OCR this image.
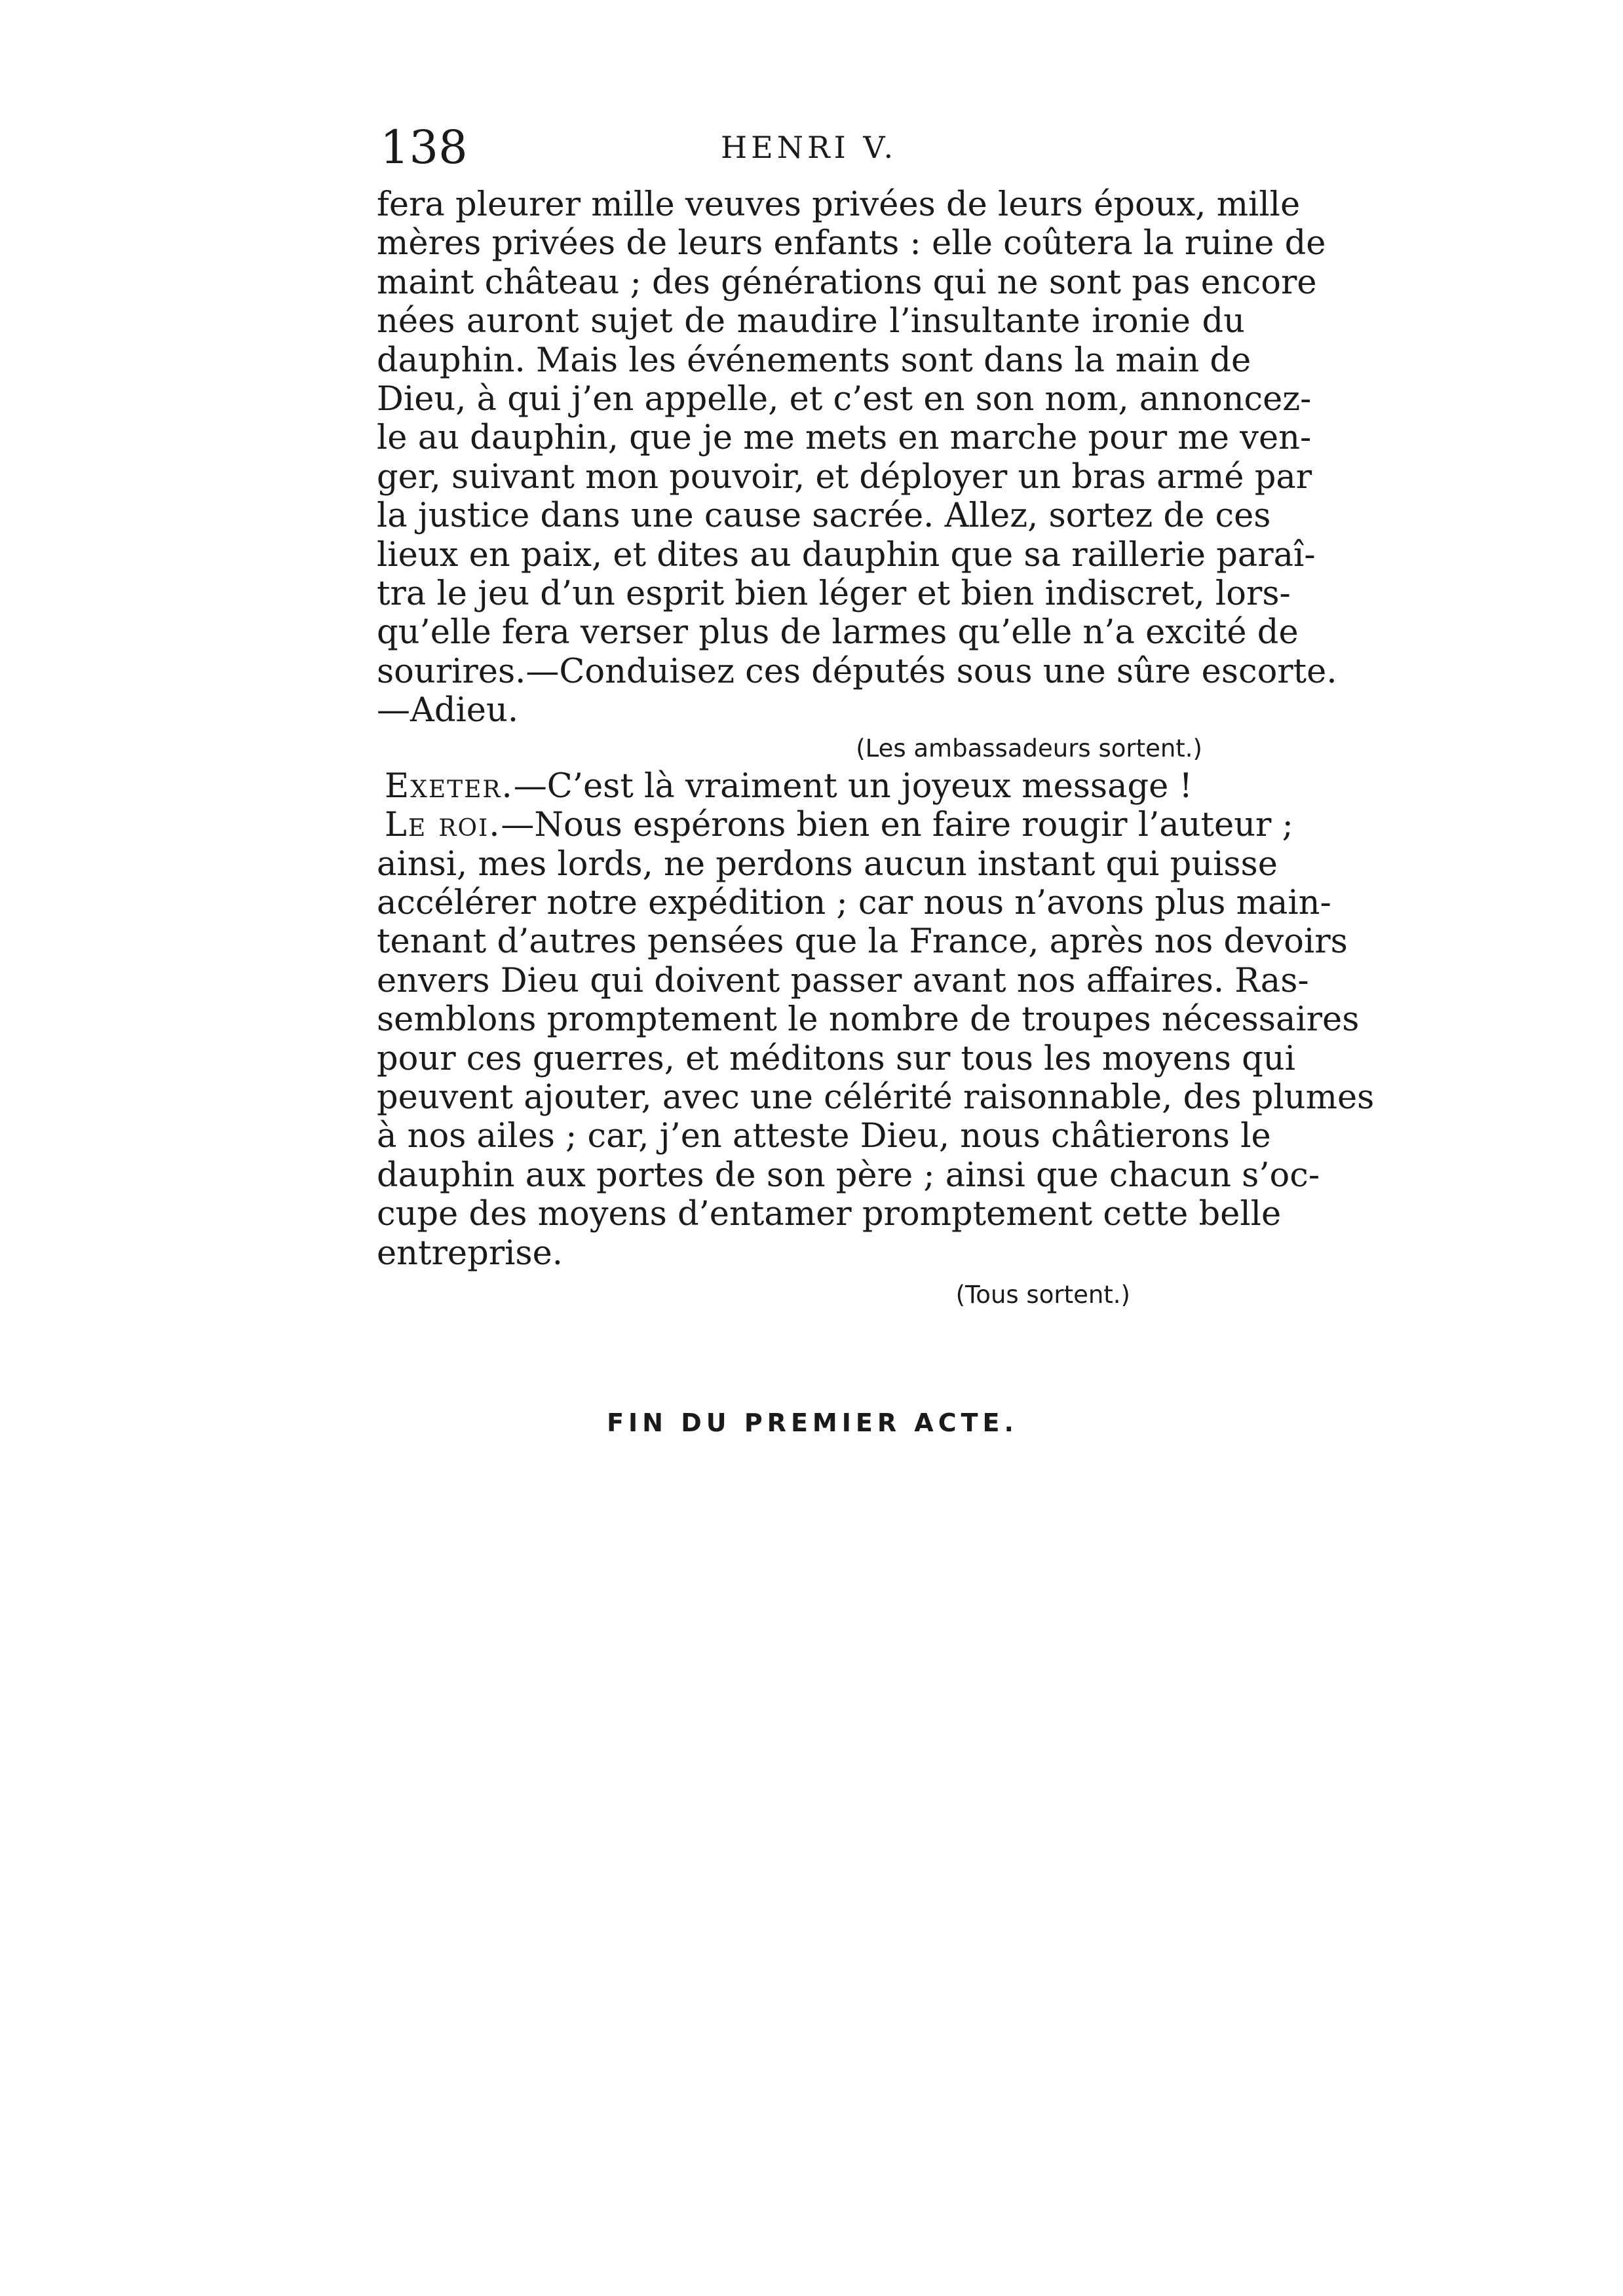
138	HENRI V.
fera pleurer mille veuves privées de leurs époux, mille
mères privées de leurs enfants : elle coûtera la ruine de
maint château ; des générations qui ne sont pas encore
nées auront sujet de maudire l’insultante ironie du
dauphin. Mais les événements sont dans la main de
Dieu, à qui j’en appelle, et c’est en son nom, annoncez-
le au dauphin, que je me mets en marche pour me ven-
ger, suivant mon pouvoir, et déployer un bras armé par
la justice dans une cause sacrée. Allez, sortez de ces
lieux en paix, et dites au dauphin que sa raillerie paraî-
tra le jeu d’un esprit bien léger et bien indiscret, lors-
qu’elle fera verser plus de larmes qu’elle n’a excité de
sourires.—Conduisez ces députés sous une sûre escorte.
—Adieu.
(Les ambassadeurs sortent.)
Exeter.—C’est là vraiment un joyeux message !
Le roi.—Nous espérons bien en faire rougir l’auteur ;
ainsi, mes lords, ne perdons aucun instant qui puisse
accélérer notre expédition ; car nous n’avons plus main-
tenant d’autres pensées que la France, après nos devoirs
envers Dieu qui doivent passer avant nos affaires. Ras-
semblons promptement le nombre de troupes nécessaires
pour ces guerres, et méditons sur tous les moyens qui
peuvent ajouter, avec une célérité raisonnable, des plumes
à nos ailes ; car, j’en atteste Dieu, nous châtierons le
dauphin aux portes de son père ; ainsi que chacun s’oc-
cupe des moyens d’entamer promptement cette belle
entreprise.
(Tous sortent.)
FIN DU PREMIER ACTE.
